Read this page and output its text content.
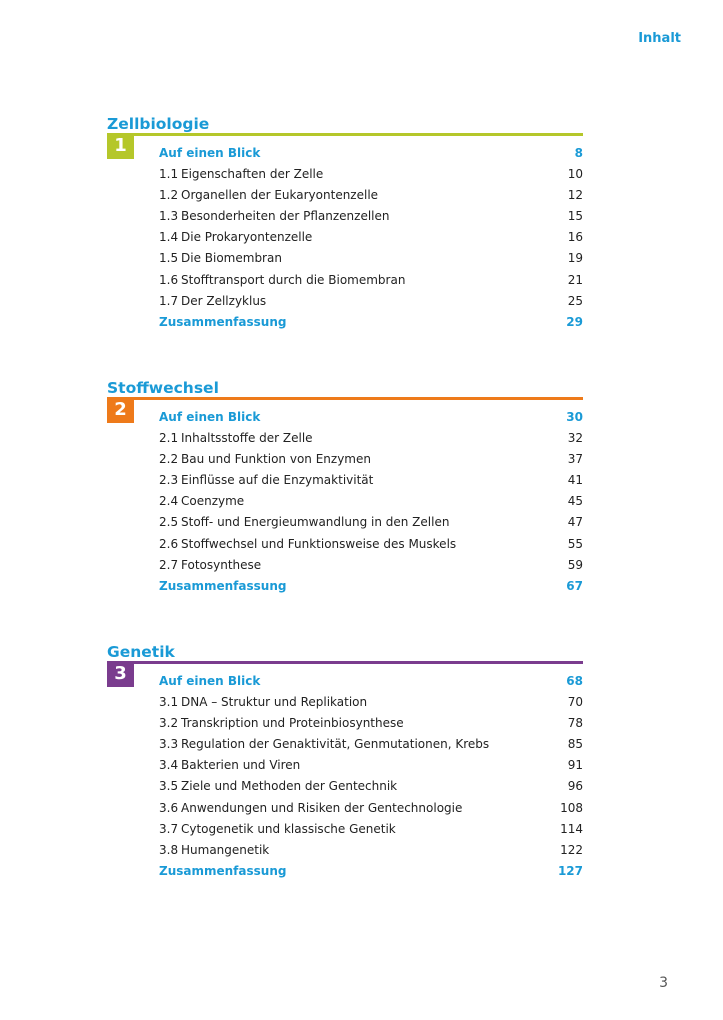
Inhalt
Zellbiologie
1	Auf einen Blick	8
1.1 Eigenschaften der Zelle	10
1.2 Organellen der Eukaryontenzelle	12
1.3 Besonderheiten der Pflanzenzellen	15
1.4 Die Prokaryontenzelle	16
1.5 Die Biomembran	19
1.6 Stofftransport durch die Biomembran	21
1.7 Der Zellzyklus	25
Zusammenfassung	29
Stoffwechsel
2	Auf einen Blick	30
2.1 Inhaltsstoffe der Zelle	32
2.2 Bau und Funktion von Enzymen	37
2.3 Einflüsse auf die Enzymaktivität	41
2.4 Coenzyme	45
2.5 Stoff- und Energieumwandlung in den Zellen	47
2.6 Stoffwechsel und Funktionsweise des Muskels	55
2.7 Fotosynthese	59
Zusammenfassung	67
Genetik
3	Auf einen Blick	68
3.1 DNA – Struktur und Replikation	70
3.2 Transkription und Proteinbiosynthese	78
3.3 Regulation der Genaktivität, Genmutationen, Krebs	85
3.4 Bakterien und Viren	91
3.5 Ziele und Methoden der Gentechnik	96
3.6 Anwendungen und Risiken der Gentechnologie	108
3.7 Cytogenetik und klassische Genetik	114
3.8 Humangenetik	122
Zusammenfassung	127
3
